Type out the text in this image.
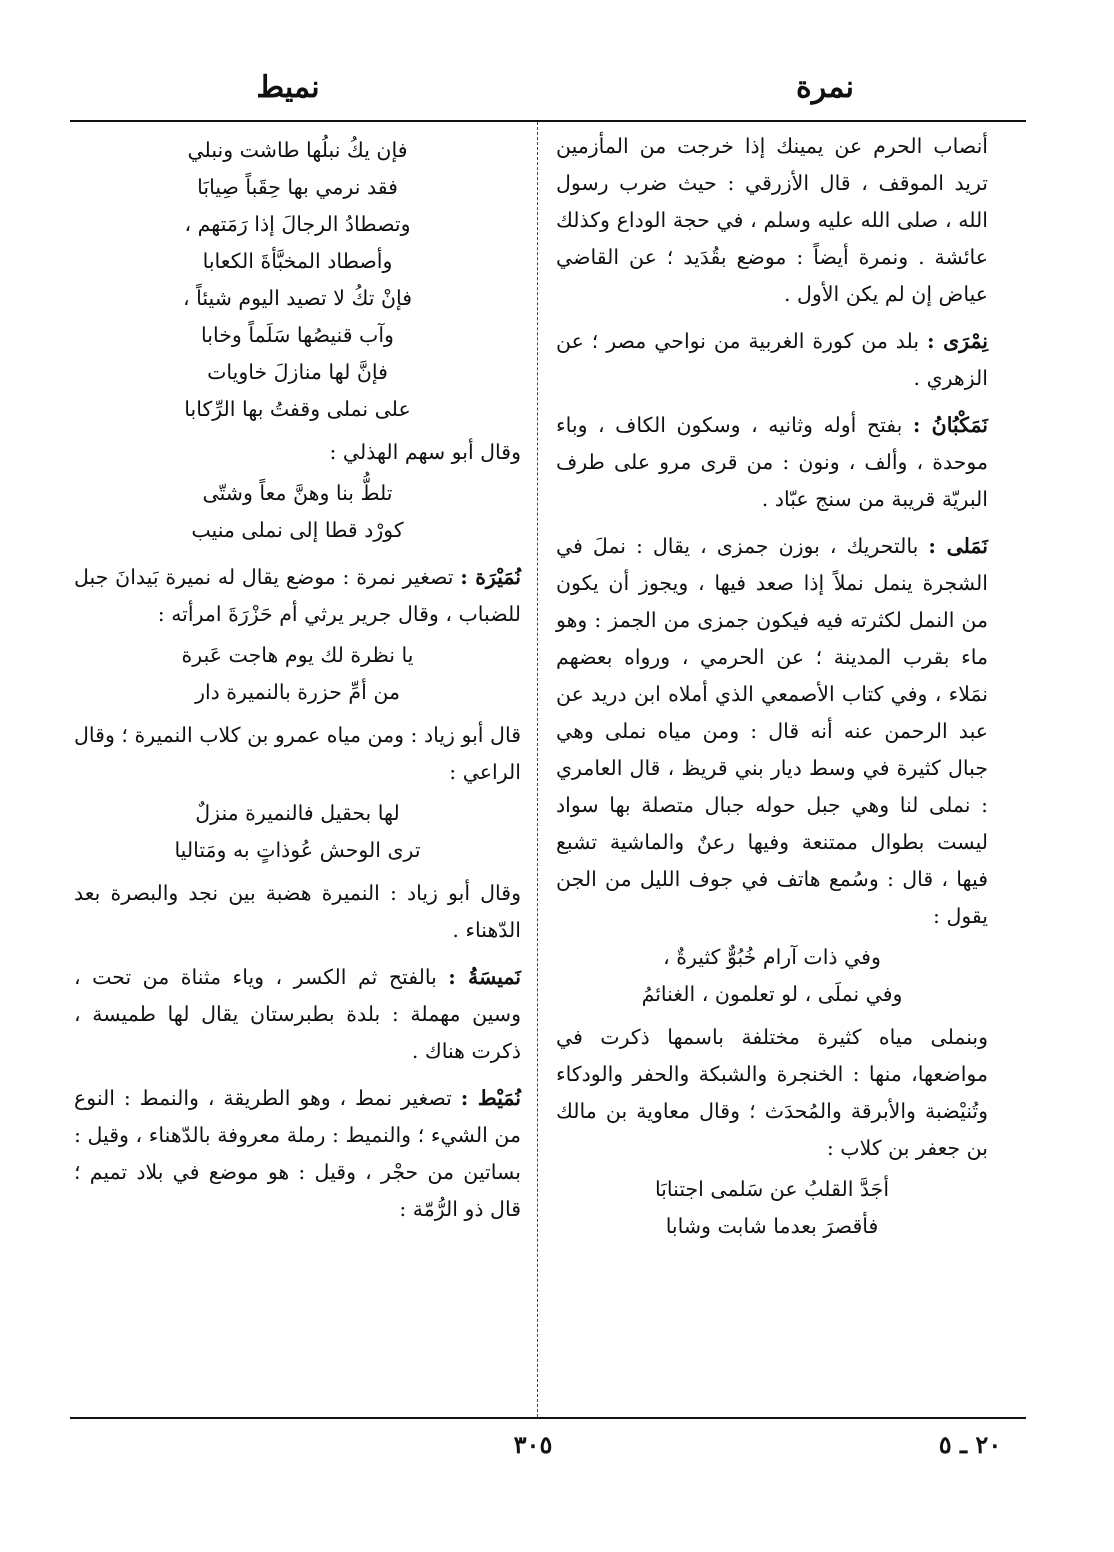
نمرة
نميط

أنصاب الحرم عن يمينك إذا خرجت من المأزمين تريد الموقف ، قال الأزرقي : حيث ضرب رسول الله ، صلى الله عليه وسلم ، في حجة الوداع وكذلك عائشة . ونمرة أيضاً : موضع بقُدَيد ؛ عن القاضي عياض إن لم يكن الأول .

نِمْرَى : بلد من كورة الغربية من نواحي مصر ؛ عن الزهري .

نَمَكْبُانُ : بفتح أوله وثانيه ، وسكون الكاف ، وباء موحدة ، وألف ، ونون : من قرى مرو على طرف البريّة قريبة من سنج عبّاد .

نَمَلى : بالتحريك ، بوزن جمزى ، يقال : نملَ في الشجرة ينمل نملاً إذا صعد فيها ، ويجوز أن يكون من النمل لكثرته فيه فيكون جمزى من الجمز : وهو ماء بقرب المدينة ؛ عن الحرمي ، ورواه بعضهم نمَلاء ، وفي كتاب الأصمعي الذي أملاه ابن دريد عن عبد الرحمن عنه أنه قال : ومن مياه نملى وهي جبال كثيرة في وسط ديار بني قريظ ، قال العامري : نملى لنا وهي جبل حوله جبال متصلة بها سواد ليست بطوال ممتنعة وفيها رعنٌ والماشية تشبع فيها ، قال : وسُمع هاتف في جوف الليل من الجن يقول :

وفي ذات آرام خُبُوٌّ كثيرةٌ ،
وفي نملَى ، لو تعلمون ، الغنائمُ

وبنملى مياه كثيرة مختلفة باسمها ذكرت في مواضعها، منها : الخنجرة والشبكة والحفر والودكاء وتُنيْضبة والأبرقة والمُحدَث ؛ وقال معاوية بن مالك بن جعفر بن كلاب :

أجَدَّ القلبُ عن سَلمى اجتنابَا
فأقصرَ بعدما شابت وشابا
فإن يكُ نبلُها طاشت ونبلي
فقد نرمي بها حِقَباً صِيابَا
وتصطادُ الرجالَ إذا رَمَتهم ،
وأصطاد المخبَّأةَ الكعابا
فإنْ تكُ لا تصيد اليوم شيئاً ،
وآب قنيصُها سَلَماً وخابا
فإنَّ لها منازلَ خاويات
على نملى وقفتُ بها الرِّكابا

وقال أبو سهم الهذلي :

تلطُّ بنا وهنَّ معاً وشتّى
كورْد قطا إلى نملى منيب

نُمَيْرَة : تصغير نمرة : موضع يقال له نميرة بَيدانَ جبل للضباب ، وقال جرير يرثي أم حَزْرَةَ امرأته :

يا نظرة لك يوم هاجت عَبرة
من أمِّ حزرة بالنميرة دار

قال أبو زياد : ومن مياه عمرو بن كلاب النميرة ؛ وقال الراعي :

لها بحقيل فالنميرة منزلٌ
ترى الوحش عُوذاتٍ به ومَتاليا

وقال أبو زياد : النميرة هضبة بين نجد والبصرة بعد الدّهناء .

نَميسَةُ : بالفتح ثم الكسر ، وياء مثناة من تحت ، وسين مهملة : بلدة بطبرستان يقال لها طميسة ، ذكرت هناك .

نُمَيْط : تصغير نمط ، وهو الطريقة ، والنمط : النوع من الشيء ؛ والنميط : رملة معروفة بالدّهناء ، وقيل : بساتين من حجْر ، وقيل : هو موضع في بلاد تميم ؛ قال ذو الرُّمّة :

٣٠٥	٢٠ ـ ٥
